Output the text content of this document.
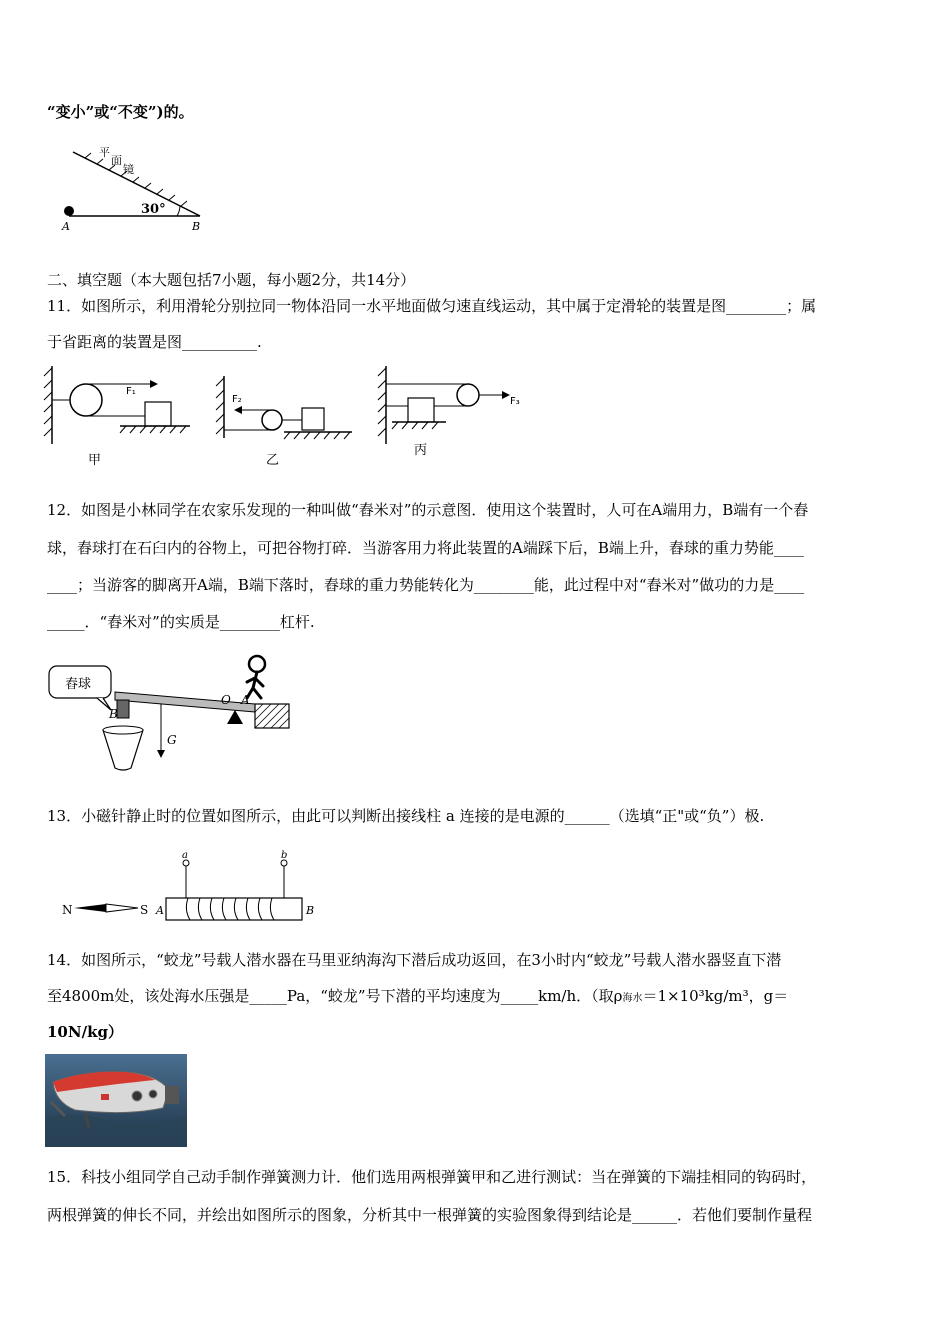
“变小”或“不变”)的。
平
面
镜
30°
A	B
二、填空题（本大题包括7小题，每小题2分，共14分）
11．如图所示，利用滑轮分别拉同一物体沿同一水平地面做匀速直线运动，其中属于定滑轮的装置是图________；属
于省距离的装置是图__________.
F₁
甲
F₂
乙
F₃
丙
12．如图是小林同学在农家乐发现的一种叫做“舂米对”的示意图．使用这个装置时，人可在A端用力，B端有一个舂
球，舂球打在石臼内的谷物上，可把谷物打碎．当游客用力将此装置的A端踩下后，B端上升，舂球的重力势能____
____；当游客的脚离开A端，B端下落时，舂球的重力势能转化为________能，此过程中对“舂米对”做功的力是____
_____．“舂米对”的实质是________杠杆.
舂球
B
O A
G
13．小磁针静止时的位置如图所示，由此可以判断出接线柱 a 连接的是电源的______（选填“正"或“负”）极.
N	S A	B
a	b
14．如图所示，“蛟龙”号载人潜水器在马里亚纳海沟下潜后成功返回，在3小时内“蛟龙”号载人潜水器竖直下潜
至4800m处，该处海水压强是_____Pa，“蛟龙”号下潜的平均速度为_____km/h．（取ρ海水＝1×10³kg/m³，g＝
10N/kg）
15．科技小组同学自己动手制作弹簧测力计．他们选用两根弹簧甲和乙进行测试：当在弹簧的下端挂相同的钩码时，
两根弹簧的伸长不同，并绘出如图所示的图象，分析其中一根弹簧的实验图象得到结论是______．若他们要制作量程
